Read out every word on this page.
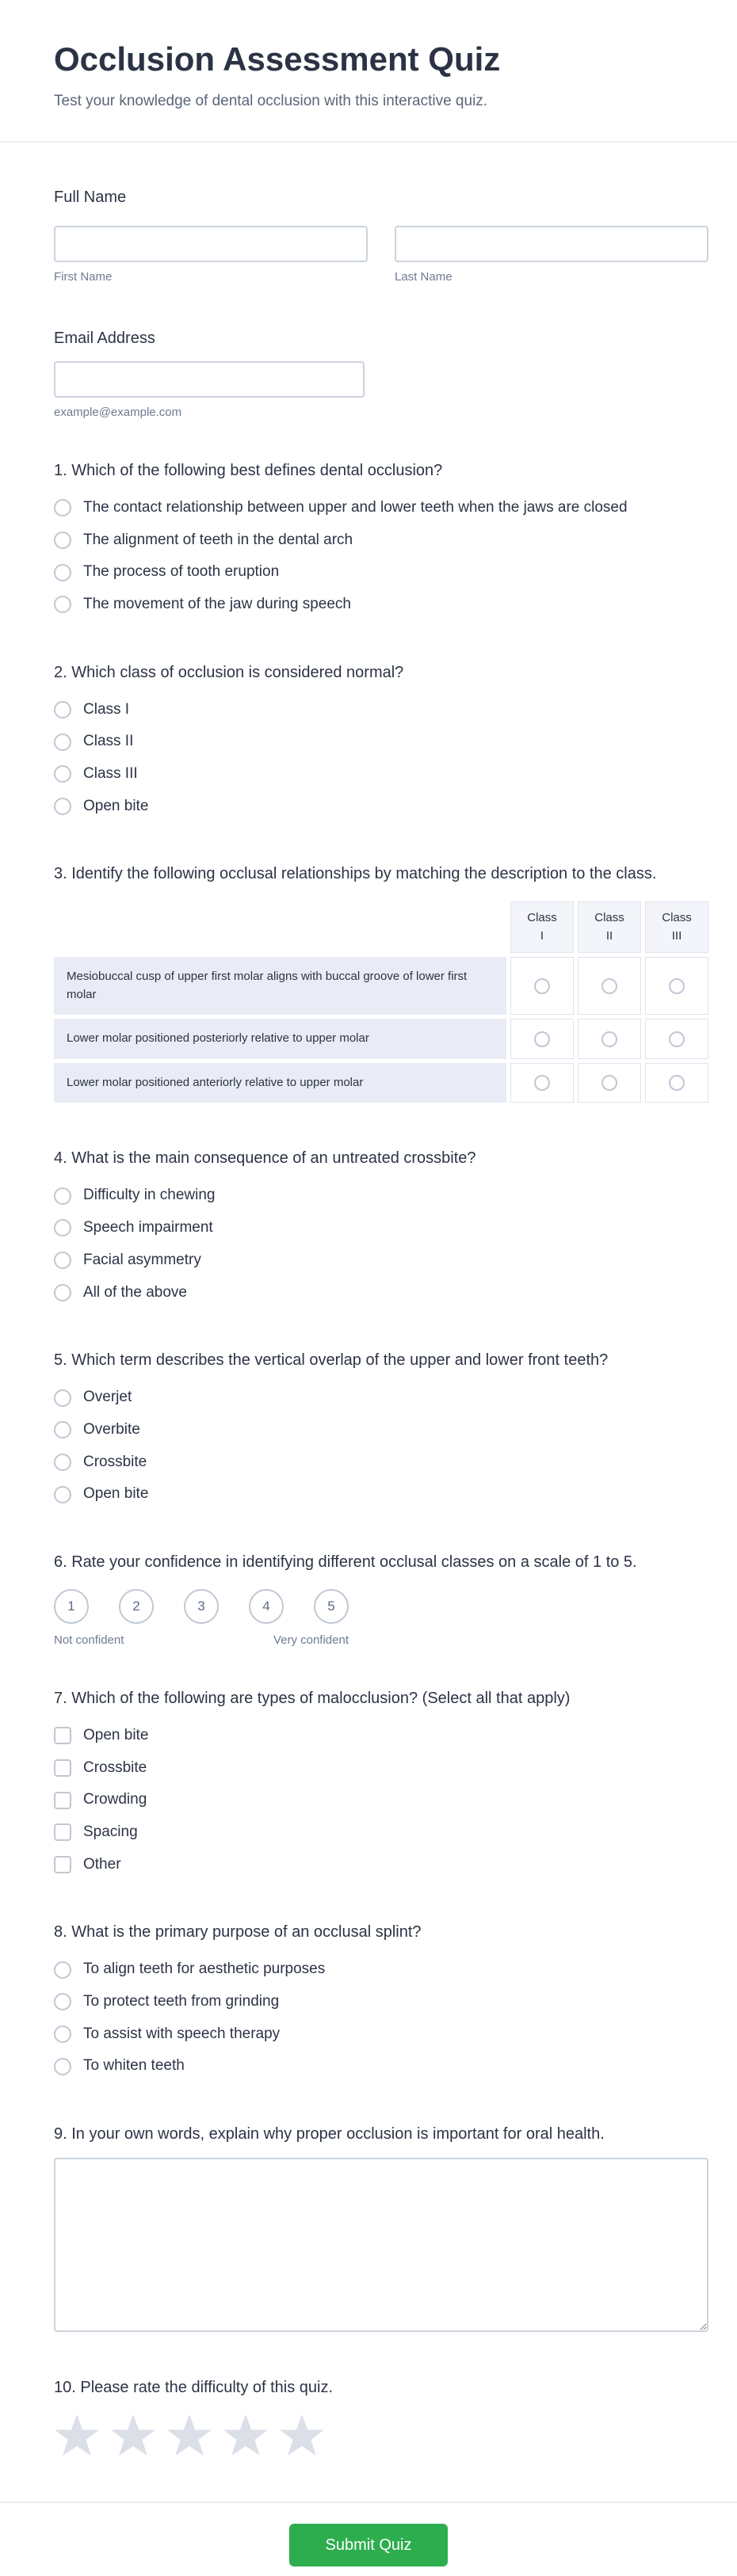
Occlusion Assessment Quiz

Test your knowledge of dental occlusion with this interactive quiz.

Full Name
First Name	Last Name
Email Address
example@example.com
1. Which of the following best defines dental occlusion?
The contact relationship between upper and lower teeth when the jaws are closed
The alignment of teeth in the dental arch
The process of tooth eruption
The movement of the jaw during speech
2. Which class of occlusion is considered normal?
Class I
Class II
Class III
Open bite
3. Identify the following occlusal relationships by matching the description to the class.
	Class I	Class II	Class III
Mesiobuccal cusp of upper first molar aligns with buccal groove of lower first molar	

Lower molar positioned posteriorly relative to upper molar	

Lower molar positioned anteriorly relative to upper molar	

4. What is the main consequence of an untreated crossbite?
Difficulty in chewing
Speech impairment
Facial asymmetry
All of the above
5. Which term describes the vertical overlap of the upper and lower front teeth?
Overjet
Overbite
Crossbite
Open bite
6. Rate your confidence in identifying different occlusal classes on a scale of 1 to 5.
1	2	3	4	5
Not confident	Very confident
7. Which of the following are types of malocclusion? (Select all that apply)
Open bite
Crossbite
Crowding
Spacing
Other
8. What is the primary purpose of an occlusal splint?
To align teeth for aesthetic purposes
To protect teeth from grinding
To assist with speech therapy
To whiten teeth
9. In your own words, explain why proper occlusion is important for oral health.
10. Please rate the difficulty of this quiz.
Submit Quiz
